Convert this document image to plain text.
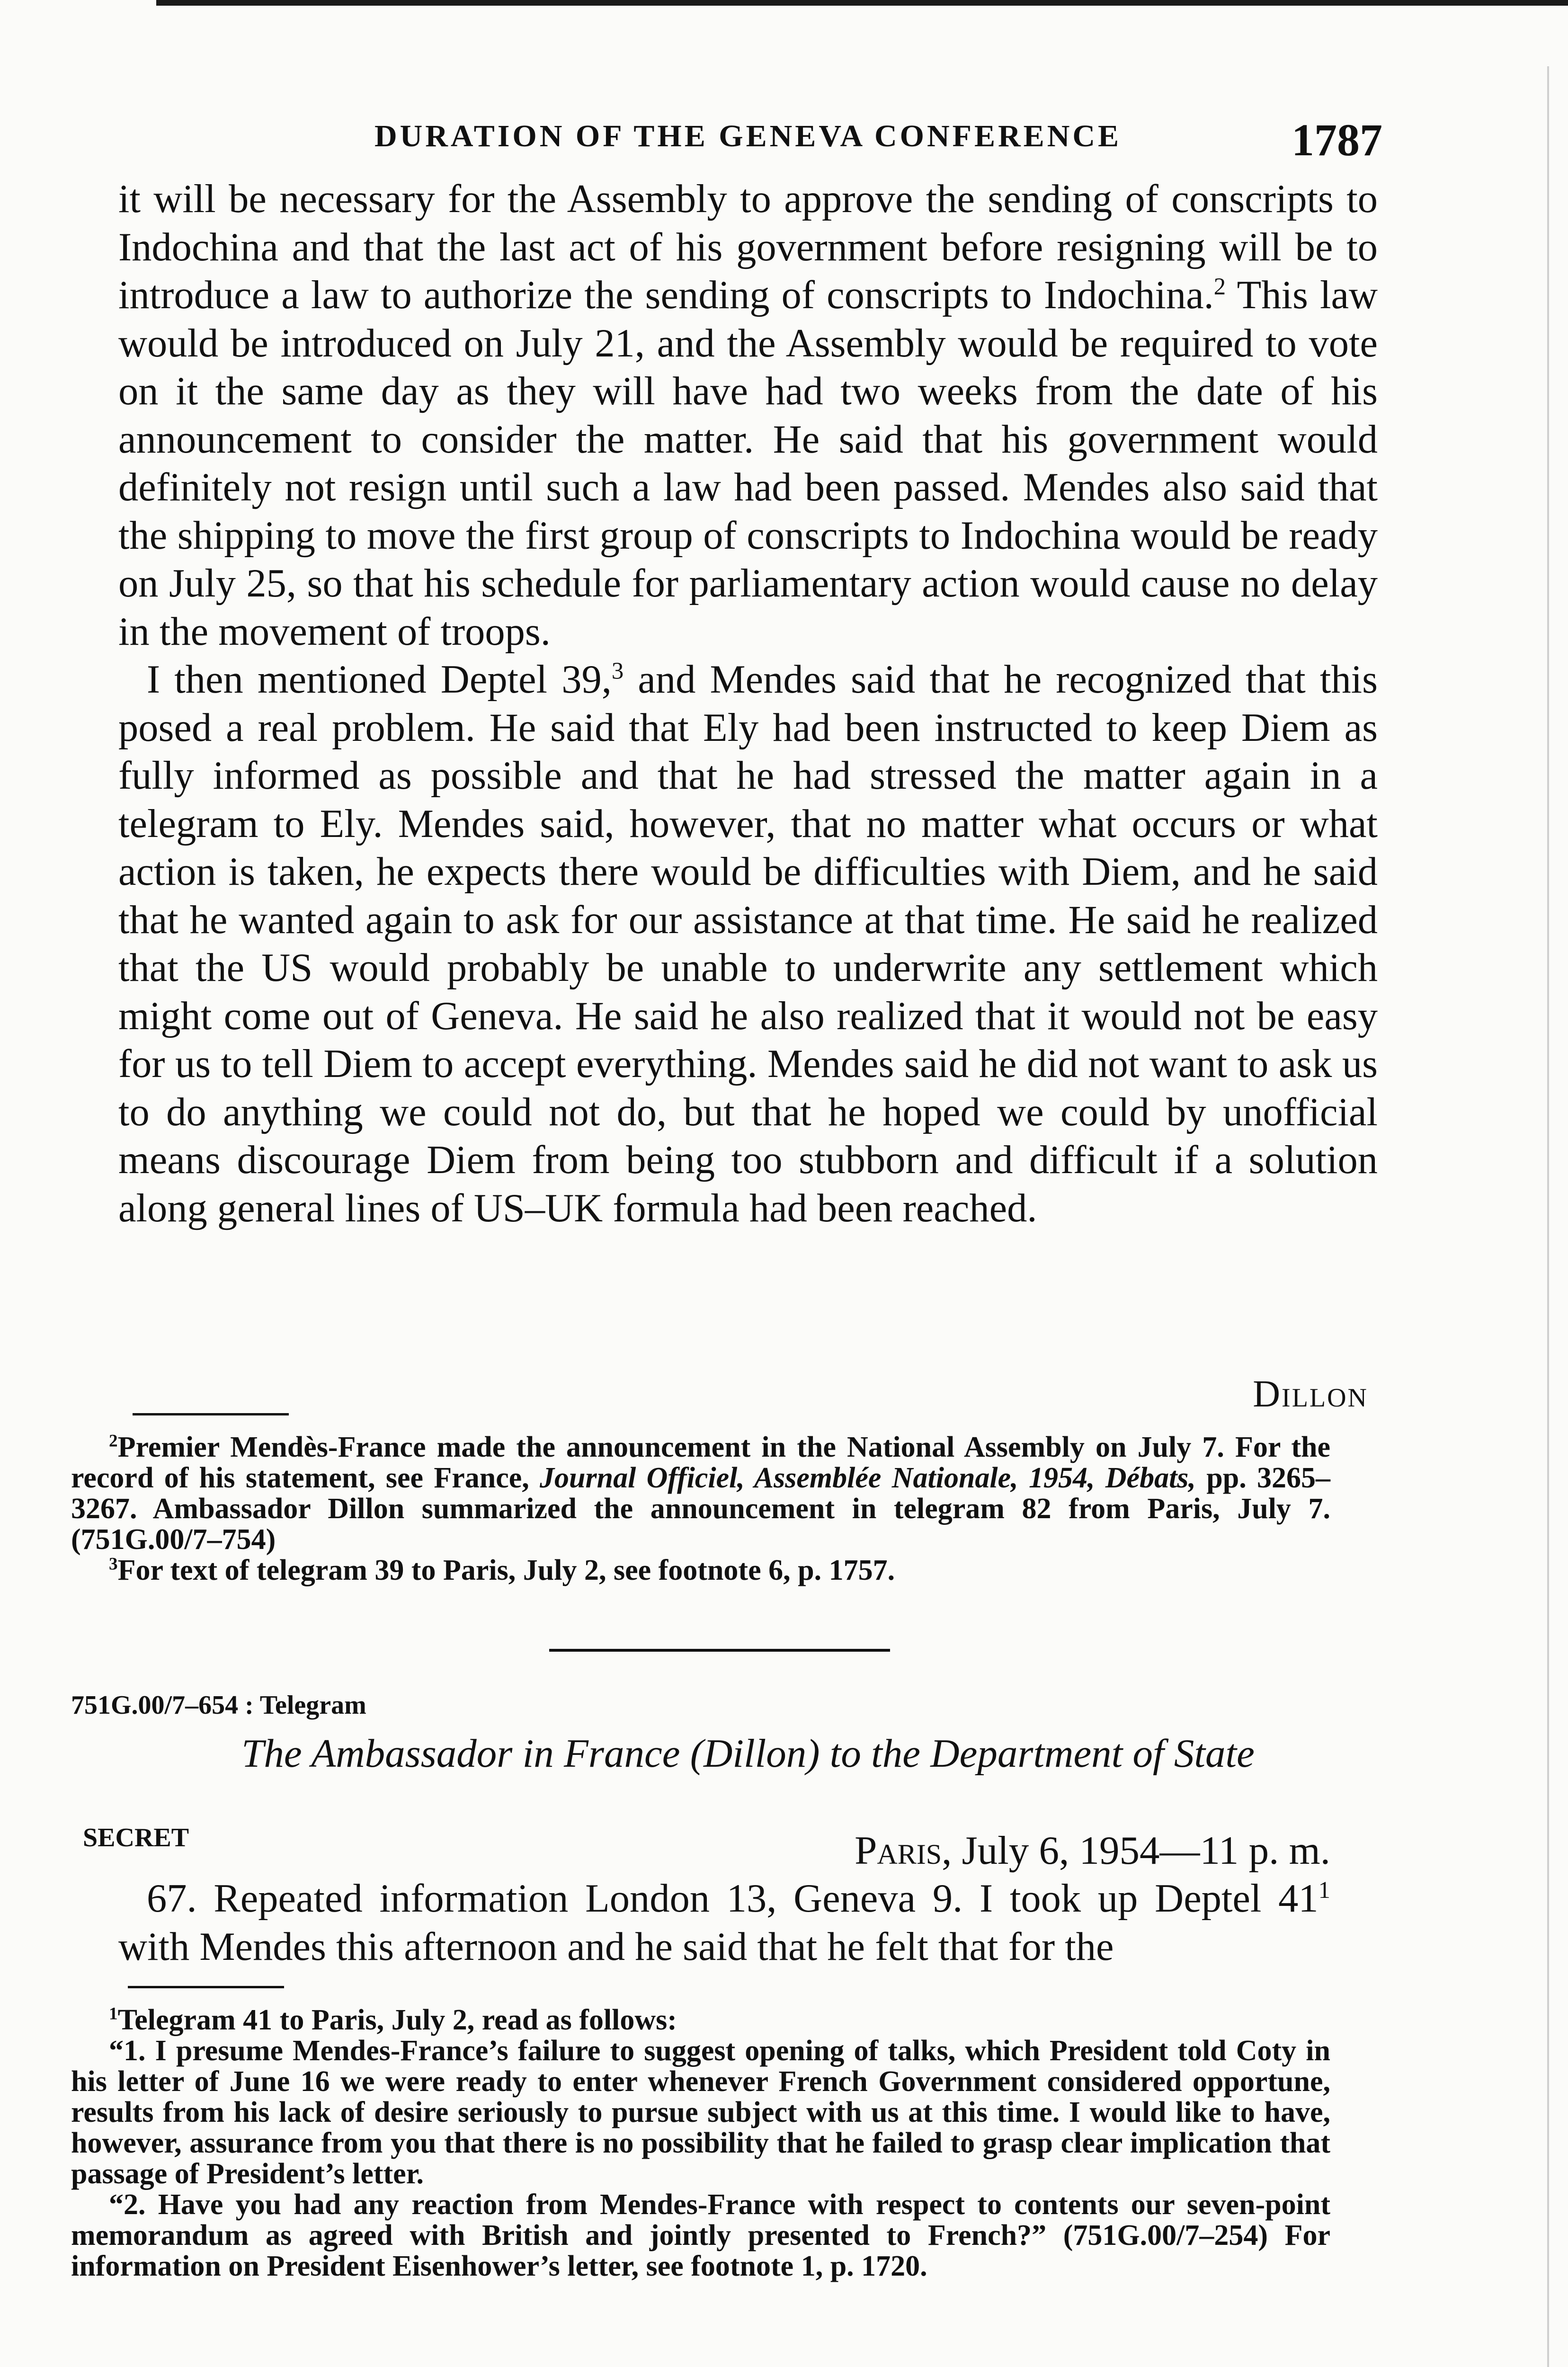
DURATION OF THE GENEVA CONFERENCE	1787

it will be necessary for the Assembly to approve the sending of conscripts to Indochina and that the last act of his government before resigning will be to introduce a law to authorize the sending of conscripts to Indochina.$^2$ This law would be introduced on July 21, and the Assembly would be required to vote on it the same day as they will have had two weeks from the date of his announcement to consider the matter. He said that his government would definitely not resign until such a law had been passed. Mendes also said that the shipping to move the first group of conscripts to Indochina would be ready on July 25, so that his schedule for parliamentary action would cause no delay in the movement of troops.

I then mentioned Deptel 39,$^3$ and Mendes said that he recognized that this posed a real problem. He said that Ely had been instructed to keep Diem as fully informed as possible and that he had stressed the matter again in a telegram to Ely. Mendes said, however, that no matter what occurs or what action is taken, he expects there would be difficulties with Diem, and he said that he wanted again to ask for our assistance at that time. He said he realized that the US would probably be unable to underwrite any settlement which might come out of Geneva. He said he also realized that it would not be easy for us to tell Diem to accept everything. Mendes said he did not want to ask us to do anything we could not do, but that he hoped we could by unofficial means discourage Diem from being too stubborn and difficult if a solution along general lines of US–UK formula had been reached.

Dillon

$^2$Premier Mendès-France made the announcement in the National Assembly on July 7. For the record of his statement, see France, Journal Officiel, Assemblée Nationale, 1954, Débats, pp. 3265–3267. Ambassador Dillon summarized the announcement in telegram 82 from Paris, July 7. (751G.00/7–754)

$^3$For text of telegram 39 to Paris, July 2, see footnote 6, p. 1757.

751G.00/7–654 : Telegram
The Ambassador in France (Dillon) to the Department of State
SECRET	Paris, July 6, 1954—11 p. m.

67. Repeated information London 13, Geneva 9. I took up Deptel $41^1$ with Mendes this afternoon and he said that he felt that for the

$^1$Telegram 41 to Paris, July 2, read as follows:

“1. I presume Mendes-France’s failure to suggest opening of talks, which President told Coty in his letter of June 16 we were ready to enter whenever French Government considered opportune, results from his lack of desire seriously to pursue subject with us at this time. I would like to have, however, assurance from you that there is no possibility that he failed to grasp clear implication that passage of President’s letter.

“2. Have you had any reaction from Mendes-France with respect to contents our seven-point memorandum as agreed with British and jointly presented to French?” (751G.00/7–254) For information on President Eisenhower’s letter, see footnote 1, p. 1720.
